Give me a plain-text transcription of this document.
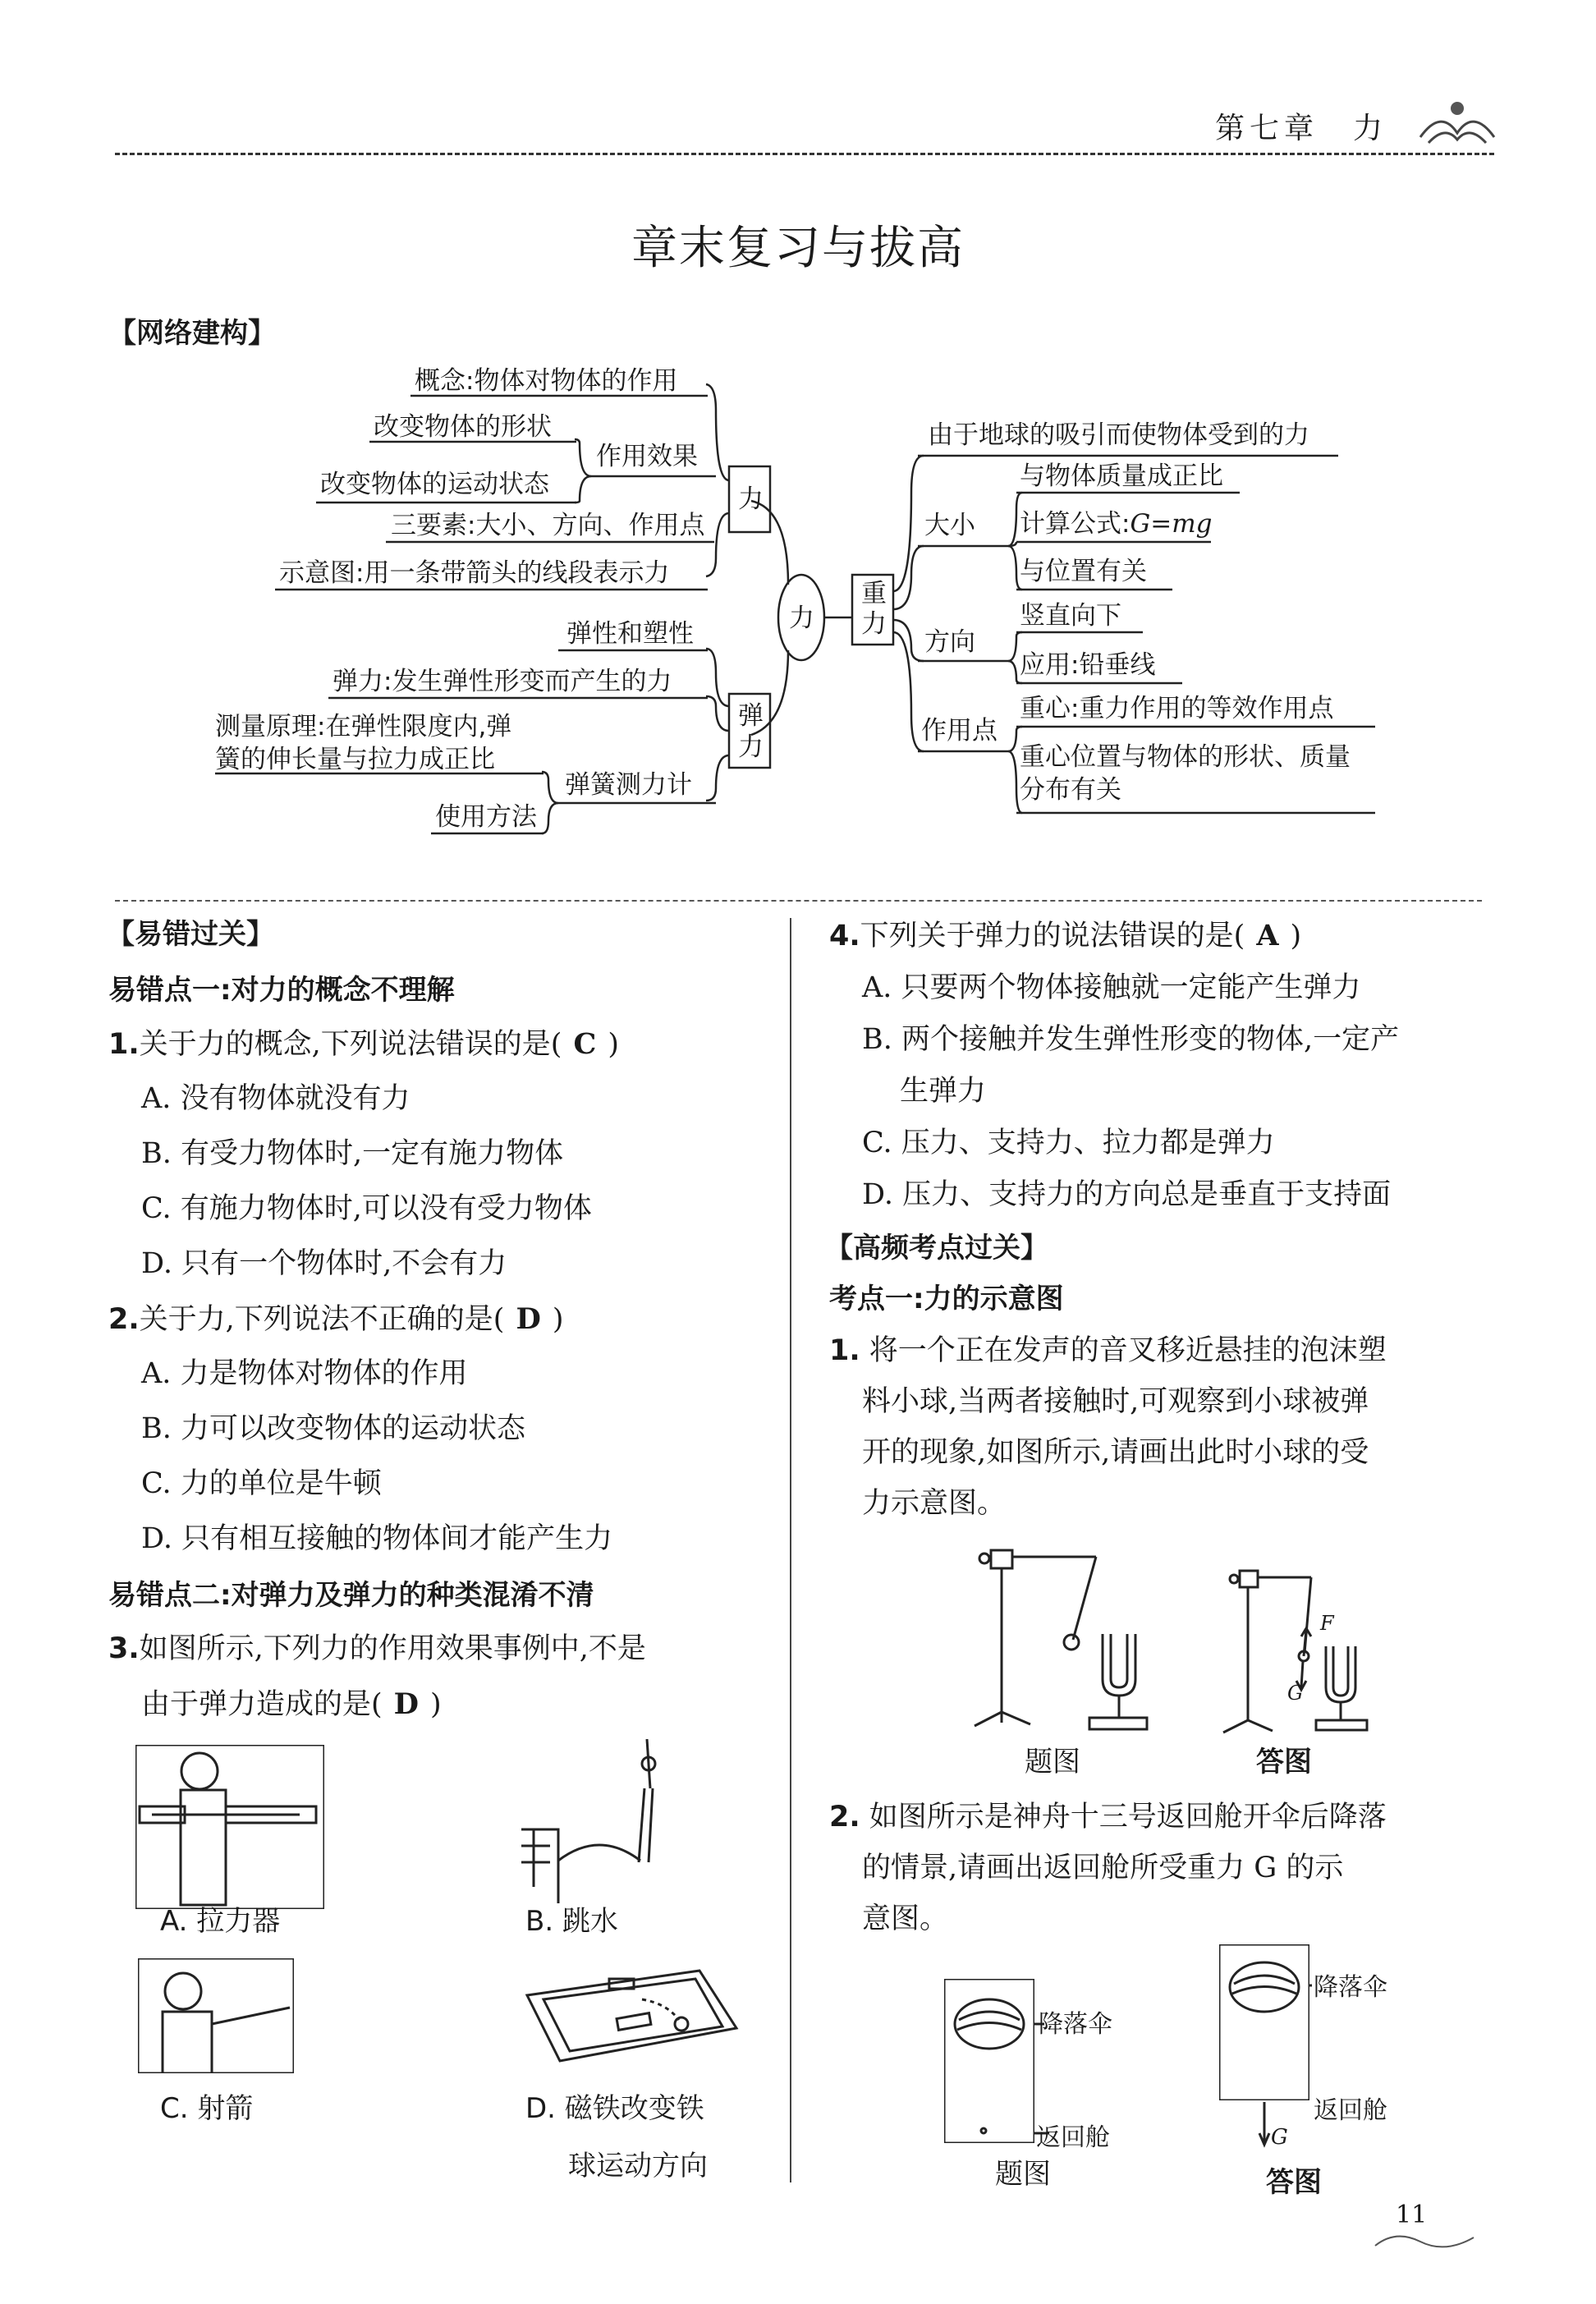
第七章　力
章末复习与拔高
【网络建构】
力
力
概念:物体对物体的作用
作用效果
改变物体的形状
改变物体的运动状态
三要素:大小、方向、作用点
示意图:用一条带箭头的线段表示力
弹
力
弹性和塑性
弹力:发生弹性形变而产生的力
弹簧测力计
测量原理:在弹性限度内,弹
簧的伸长量与拉力成正比
使用方法
重
力
由于地球的吸引而使物体受到的力
大小
与物体质量成正比
计算公式:G=mg
与位置有关
方向
竖直向下
应用:铅垂线
作用点
重心:重力作用的等效作用点
重心位置与物体的形状、质量
分布有关
【易错过关】
易错点一:对力的概念不理解
1.关于力的概念,下列说法错误的是( C )
A. 没有物体就没有力
B. 有受力物体时,一定有施力物体
C. 有施力物体时,可以没有受力物体
D. 只有一个物体时,不会有力
2.关于力,下列说法不正确的是( D )
A. 力是物体对物体的作用
B. 力可以改变物体的运动状态
C. 力的单位是牛顿
D. 只有相互接触的物体间才能产生力
易错点二:对弹力及弹力的种类混淆不清
3.如图所示,下列力的作用效果事例中,不是
由于弹力造成的是( D )
A. 拉力器	B. 跳水
C. 射箭	D. 磁铁改变铁
球运动方向
4.下列关于弹力的说法错误的是( A )
A. 只要两个物体接触就一定能产生弹力
B. 两个接触并发生弹性形变的物体,一定产
生弹力
C. 压力、支持力、拉力都是弹力
D. 压力、支持力的方向总是垂直于支持面
【高频考点过关】
考点一:力的示意图
1. 将一个正在发声的音叉移近悬挂的泡沫塑
料小球,当两者接触时,可观察到小球被弹
开的现象,如图所示,请画出此时小球的受
力示意图。
F
G
题图	答图
2. 如图所示是神舟十三号返回舱开伞后降落
的情景,请画出返回舱所受重力 G 的示
意图。
降落伞
返回舱
题图
降落伞
返回舱
G
答图
11
